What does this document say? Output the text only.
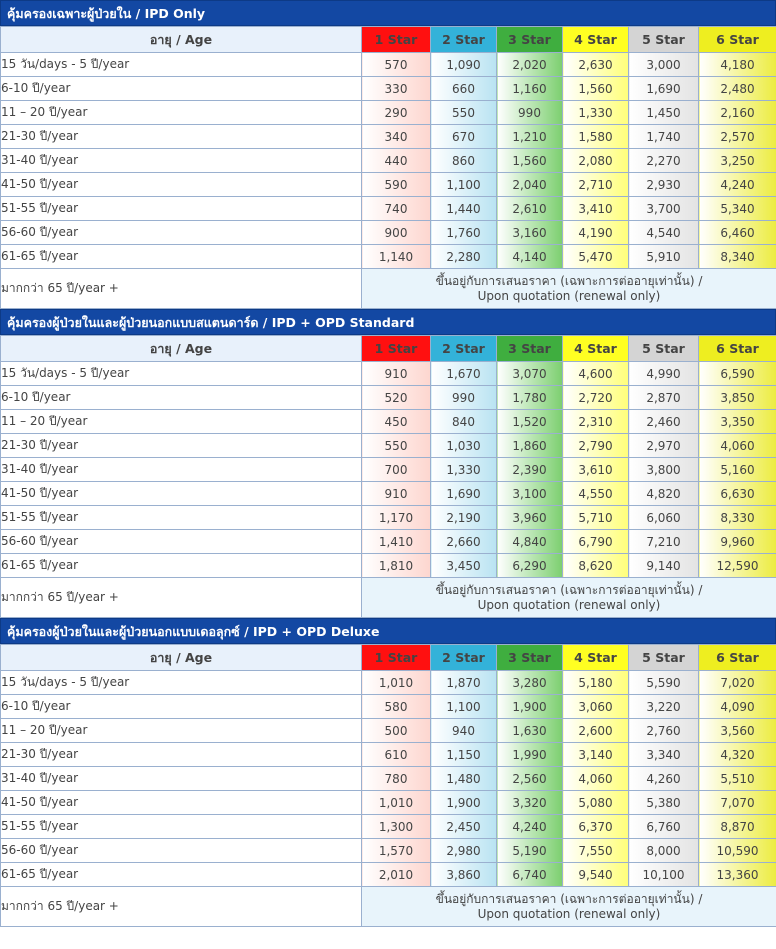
คุ้มครองเฉพาะผู้ป่วยใน / IPD Only
อายุ / Age	1 Star	2 Star	3 Star	4 Star	5 Star	6 Star
15 วัน/days - 5 ปี/year	570	1,090	2,020	2,630	3,000	4,180
6-10 ปี/year	330	660	1,160	1,560	1,690	2,480
11 – 20 ปี/year	290	550	990	1,330	1,450	2,160
21-30 ปี/year	340	670	1,210	1,580	1,740	2,570
31-40 ปี/year	440	860	1,560	2,080	2,270	3,250
41-50 ปี/year	590	1,100	2,040	2,710	2,930	4,240
51-55 ปี/year	740	1,440	2,610	3,410	3,700	5,340
56-60 ปี/year	900	1,760	3,160	4,190	4,540	6,460
61-65 ปี/year	1,140	2,280	4,140	5,470	5,910	8,340
มากกว่า 65 ปี/year +	ขึ้นอยู่กับการเสนอราคา (เฉพาะการต่ออายุเท่านั้น) /
Upon quotation (renewal only)					
คุ้มครองผู้ป่วยในและผู้ป่วยนอกแบบสแตนดาร์ด / IPD + OPD Standard
อายุ / Age	1 Star	2 Star	3 Star	4 Star	5 Star	6 Star
15 วัน/days - 5 ปี/year	910	1,670	3,070	4,600	4,990	6,590
6-10 ปี/year	520	990	1,780	2,720	2,870	3,850
11 – 20 ปี/year	450	840	1,520	2,310	2,460	3,350
21-30 ปี/year	550	1,030	1,860	2,790	2,970	4,060
31-40 ปี/year	700	1,330	2,390	3,610	3,800	5,160
41-50 ปี/year	910	1,690	3,100	4,550	4,820	6,630
51-55 ปี/year	1,170	2,190	3,960	5,710	6,060	8,330
56-60 ปี/year	1,410	2,660	4,840	6,790	7,210	9,960
61-65 ปี/year	1,810	3,450	6,290	8,620	9,140	12,590
มากกว่า 65 ปี/year +	ขึ้นอยู่กับการเสนอราคา (เฉพาะการต่ออายุเท่านั้น) /
Upon quotation (renewal only)					
คุ้มครองผู้ป่วยในและผู้ป่วยนอกแบบเดอลุกซ์ / IPD + OPD Deluxe
อายุ / Age	1 Star	2 Star	3 Star	4 Star	5 Star	6 Star
15 วัน/days - 5 ปี/year	1,010	1,870	3,280	5,180	5,590	7,020
6-10 ปี/year	580	1,100	1,900	3,060	3,220	4,090
11 – 20 ปี/year	500	940	1,630	2,600	2,760	3,560
21-30 ปี/year	610	1,150	1,990	3,140	3,340	4,320
31-40 ปี/year	780	1,480	2,560	4,060	4,260	5,510
41-50 ปี/year	1,010	1,900	3,320	5,080	5,380	7,070
51-55 ปี/year	1,300	2,450	4,240	6,370	6,760	8,870
56-60 ปี/year	1,570	2,980	5,190	7,550	8,000	10,590
61-65 ปี/year	2,010	3,860	6,740	9,540	10,100	13,360
มากกว่า 65 ปี/year +	ขึ้นอยู่กับการเสนอราคา (เฉพาะการต่ออายุเท่านั้น) /
Upon quotation (renewal only)					
